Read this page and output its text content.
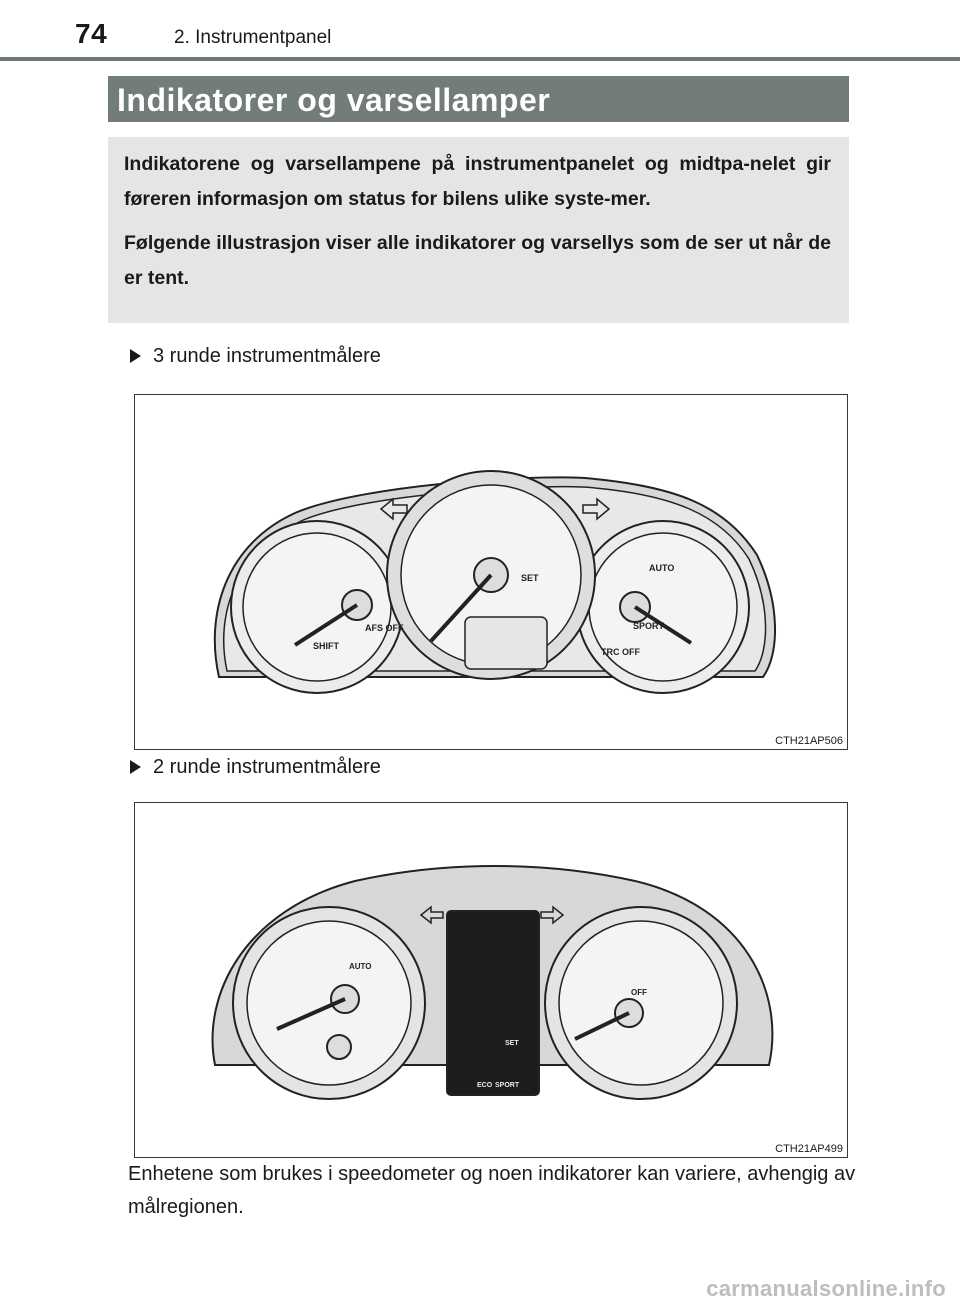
74	2. Instrumentpanel
Indikatorer og varsellamper

Indikatorene og varsellampene på instrumentpanelet og midtpa-nelet gir føreren informasjon om status for bilens ulike syste-mer.

Følgende illustrasjon viser alle indikatorer og varsellys som de ser ut når de er tent.

3 runde instrumentmålere
SHIFT
AFS OFF
SET
SPORT
TRC OFF
AUTO
CTH21AP506
2 runde instrumentmålere
AUTO
OFF
SET
ECO SPORT
CTH21AP499
Enhetene som brukes i speedometer og noen indikatorer kan variere, avhengig av målregionen.
carmanualsonline.info
